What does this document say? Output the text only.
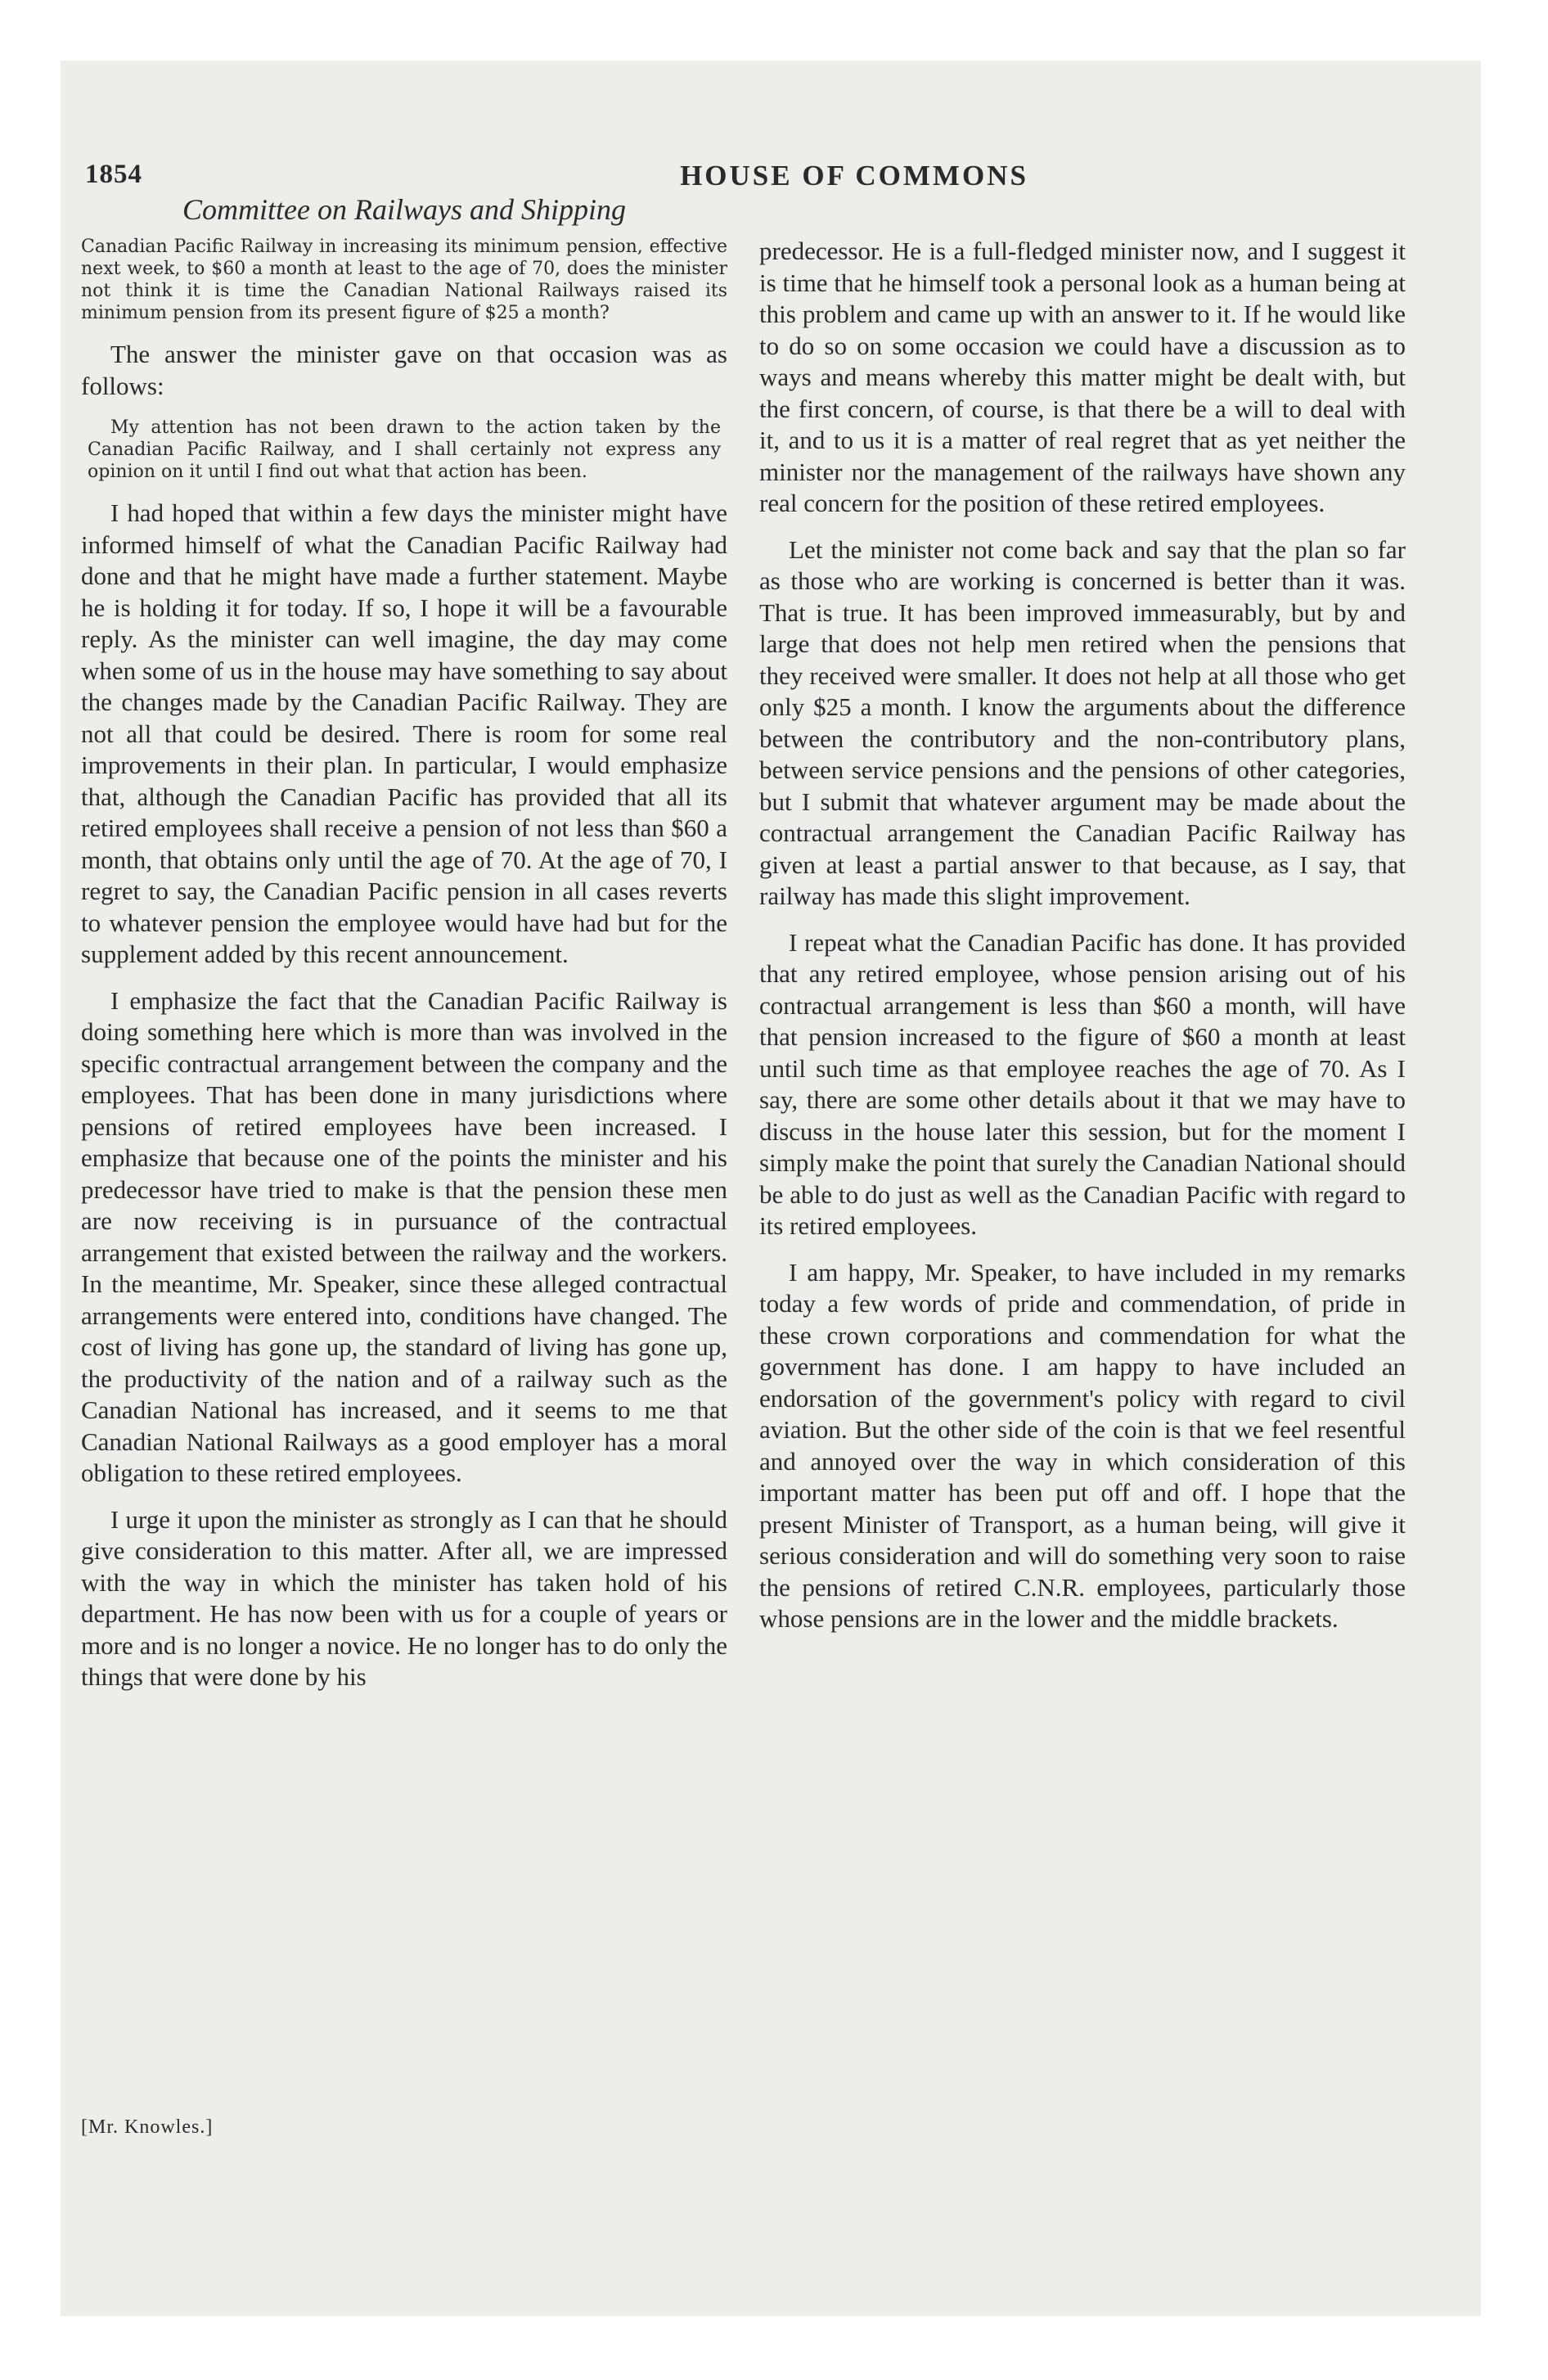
1854	HOUSE OF COMMONS
Committee on Railways and Shipping

Canadian Pacific Railway in increasing its minimum pension, effective next week, to $60 a month at least to the age of 70, does the minister not think it is time the Canadian National Railways raised its minimum pension from its present figure of $25 a month?

The answer the minister gave on that occasion was as follows:

My attention has not been drawn to the action taken by the Canadian Pacific Railway, and I shall certainly not express any opinion on it until I find out what that action has been.

I had hoped that within a few days the minister might have informed himself of what the Canadian Pacific Railway had done and that he might have made a further statement. Maybe he is holding it for today. If so, I hope it will be a favourable reply. As the minister can well imagine, the day may come when some of us in the house may have something to say about the changes made by the Canadian Pacific Railway. They are not all that could be desired. There is room for some real improvements in their plan. In particular, I would emphasize that, although the Canadian Pacific has provided that all its retired employees shall receive a pension of not less than $60 a month, that obtains only until the age of 70. At the age of 70, I regret to say, the Canadian Pacific pension in all cases reverts to whatever pension the employee would have had but for the supplement added by this recent announcement.

I emphasize the fact that the Canadian Pacific Railway is doing something here which is more than was involved in the specific contractual arrangement between the company and the employees. That has been done in many jurisdictions where pensions of retired employees have been increased. I emphasize that because one of the points the minister and his predecessor have tried to make is that the pension these men are now receiving is in pursuance of the contractual arrangement that existed between the railway and the workers. In the meantime, Mr. Speaker, since these alleged contractual arrangements were entered into, conditions have changed. The cost of living has gone up, the standard of living has gone up, the productivity of the nation and of a railway such as the Canadian National has increased, and it seems to me that Canadian National Railways as a good employer has a moral obligation to these retired employees.

I urge it upon the minister as strongly as I can that he should give consideration to this matter. After all, we are impressed with the way in which the minister has taken hold of his department. He has now been with us for a couple of years or more and is no longer a novice. He no longer has to do only the things that were done by his

predecessor. He is a full-fledged minister now, and I suggest it is time that he himself took a personal look as a human being at this problem and came up with an answer to it. If he would like to do so on some occasion we could have a discussion as to ways and means whereby this matter might be dealt with, but the first concern, of course, is that there be a will to deal with it, and to us it is a matter of real regret that as yet neither the minister nor the management of the railways have shown any real concern for the position of these retired employees.

Let the minister not come back and say that the plan so far as those who are working is concerned is better than it was. That is true. It has been improved immeasurably, but by and large that does not help men retired when the pensions that they received were smaller. It does not help at all those who get only $25 a month. I know the arguments about the difference between the contributory and the non-contributory plans, between service pensions and the pensions of other categories, but I submit that whatever argument may be made about the contractual arrangement the Canadian Pacific Railway has given at least a partial answer to that because, as I say, that railway has made this slight improvement.

I repeat what the Canadian Pacific has done. It has provided that any retired employee, whose pension arising out of his contractual arrangement is less than $60 a month, will have that pension increased to the figure of $60 a month at least until such time as that employee reaches the age of 70. As I say, there are some other details about it that we may have to discuss in the house later this session, but for the moment I simply make the point that surely the Canadian National should be able to do just as well as the Canadian Pacific with regard to its retired employees.

I am happy, Mr. Speaker, to have included in my remarks today a few words of pride and commendation, of pride in these crown corporations and commendation for what the government has done. I am happy to have included an endorsation of the government's policy with regard to civil aviation. But the other side of the coin is that we feel resentful and annoyed over the way in which consideration of this important matter has been put off and off. I hope that the present Minister of Transport, as a human being, will give it serious consideration and will do something very soon to raise the pensions of retired C.N.R. employees, particularly those whose pensions are in the lower and the middle brackets.

[Mr. Knowles.]
